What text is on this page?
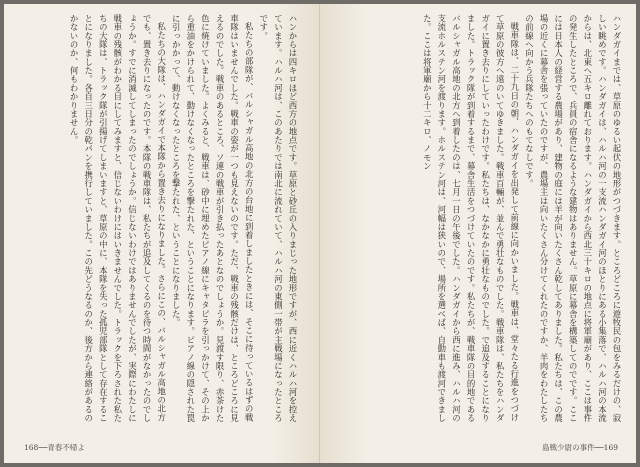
ハンからは四キロほど西方の地点です。草原と砂丘の入りまじった地形ですが、西に近くハルハ河を控えています。ハルハ河は、このあたりでは南北に流れていて、ハルハ河の東側一帯が主戦場になったところです。

私たちの部隊が、バルシャガル高地の北方の台地に到着しましたときには、そこに待っているはずの戦車隊はいませんでした。戦車の姿が一つも見えないのです。ただ、戦車の残骸だけは、ところどころに見えるのでした。戦車のあるところ、ソ連の戦車が引き払ったあとなのでしょうか。見渡す限り、赤茶けた色に焼けていました。よくみると、戦車は、砂中に埋めたピアノ線にキャタピラを引っかけて、その上から重油をかけられて、動けなくなったところを撃たれた、ということになります。ピアノ線の隠された罠に引っかかって、動けなくなったところを撃たれた、ということになりました。

私たちの大隊は、ハンダガイで本隊から置き去りになりました。さらにこの、バルシャガル高地の北方でも、置き去りになったのです。本隊の戦車隊は、私たちが追及してくるのを待つ時間がなかったのでしょうか。すでに消滅してしまったのでしょうか。信じないわけではありませんでしたが、実際にわたしに戦車の残骸がわかる目にしてみますと、信じないわけにはいきませんでした。トラックを下ろされた私たちの大隊は、トラック隊が引揚げてしまいますと、草原の中に、本隊を失った孤児部隊として存在することになりました。各自三日分の乾パンを携行していました。この先どうなるのか、後方から連絡があるのかないのか、何もわかりません。

168──青春不帰よ

ハンダガイまでは、草原のゆるい起伏の地形がつづきます。ところどころに遊牧民の包をみるだけの、寂しい眺めです。ハンダガイは、ハルハ河の一支流ハンダガイ河のほとりにある小集落で、ハルハ河の本流からは、北東へ五キロ離れております。ハンダガイから西北三十キロの地点に将軍廟があり、ここは事件の発生したところで、兵員の宿舎になるような建物はありません。草原に幕舎を構築してのでです。ここには日本人の経営する農場があり、建物の庭には羊が向いたくさん乾してありました。私たちは、この農場の近くに幕舎を張っていたのですが、農場主は向いたくさん分けてくれたのですか、羊肉をわたしたちの前線へ向かう兵隊たちへのもてなしです。

戦車隊は、二十九日の朝、ハンダガイを出発して前線に向かいました。戦車は、堂々たる行進をつづけて草原の彼方へ遠のいてゆきました。戦車百輛が、並んで勇壮なものでした。戦車隊は、私たちをハンダガイに置き去りにしていったわけです。私たちは、なかなかに勇壮なものでした。で追及することになりました。トラック隊が到着するまで、幕舎生活をつづけていたのです。私たちが、戦車隊の目的地であるバルシャガル高地の北方へ到着したのは、七月一日の午後でした。ハンダガイから西に進み、ハルハ河の支流ホルステン河を渡ります。ホルステン河は、河幅は狭いので、場所を選べば、自動車も渡河できました。ここは将軍廟から十二キロ、ノモン

島戦少尉の事件──169
